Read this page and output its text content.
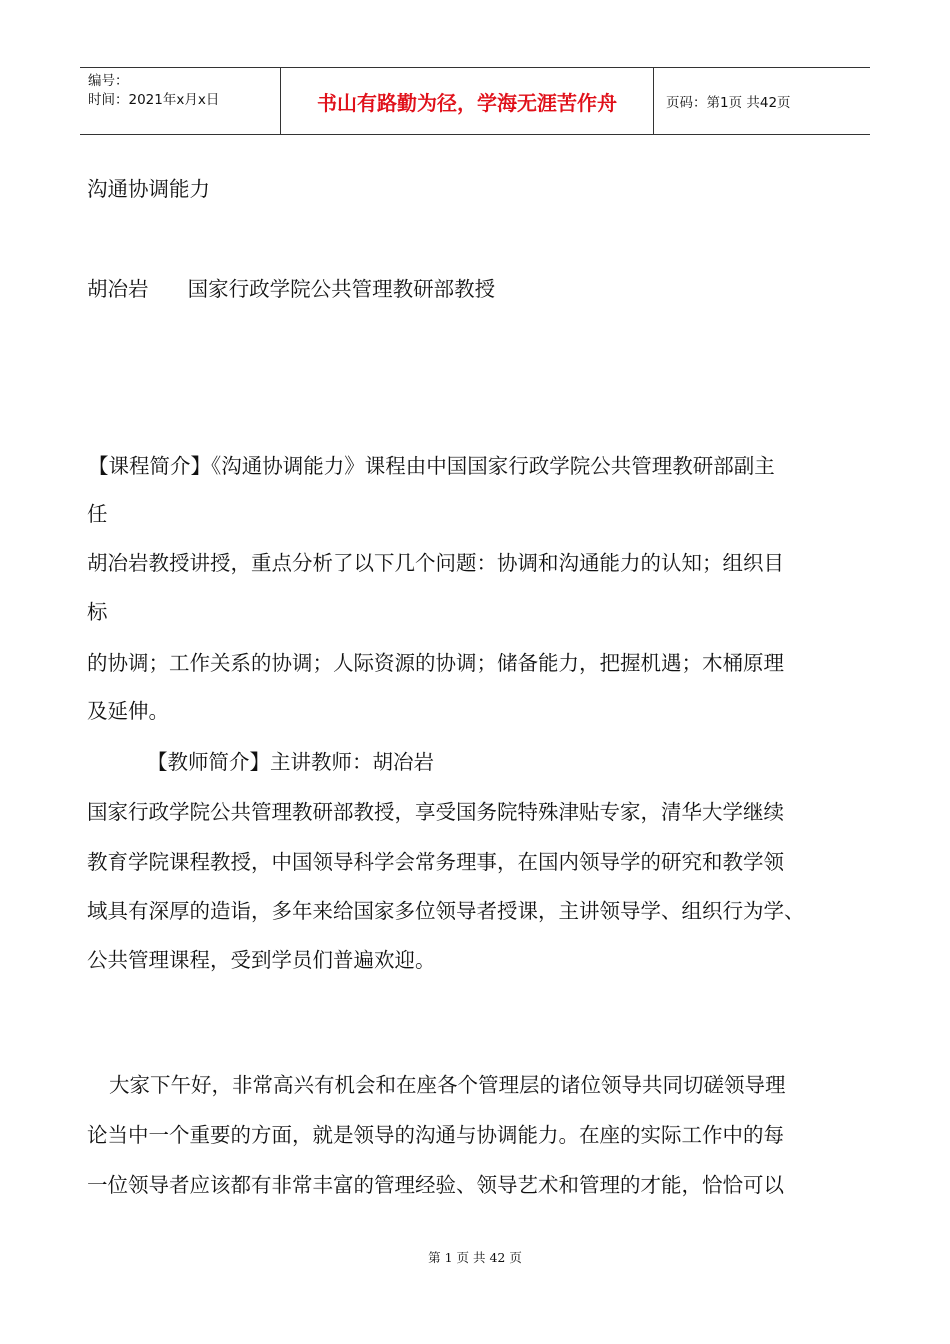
编号：
时间：2021年x月x日	书山有路勤为径，学海无涯苦作舟	页码：第1页 共42页
沟通协调能力
胡冶岩      国家行政学院公共管理教研部教授
【课程简介】《沟通协调能力》课程由中国国家行政学院公共管理教研部副主
任
胡冶岩教授讲授，重点分析了以下几个问题：协调和沟通能力的认知；组织目
标
的协调；工作关系的协调；人际资源的协调；储备能力，把握机遇；木桶原理
及延伸。
【教师简介】主讲教师：胡冶岩
国家行政学院公共管理教研部教授，享受国务院特殊津贴专家，清华大学继续
教育学院课程教授，中国领导科学会常务理事，在国内领导学的研究和教学领
域具有深厚的造诣，多年来给国家多位领导者授课，主讲领导学、组织行为学、
公共管理课程，受到学员们普遍欢迎。
大家下午好，非常高兴有机会和在座各个管理层的诸位领导共同切磋领导理
论当中一个重要的方面，就是领导的沟通与协调能力。在座的实际工作中的每
一位领导者应该都有非常丰富的管理经验、领导艺术和管理的才能，恰恰可以
第 1 页 共 42 页
